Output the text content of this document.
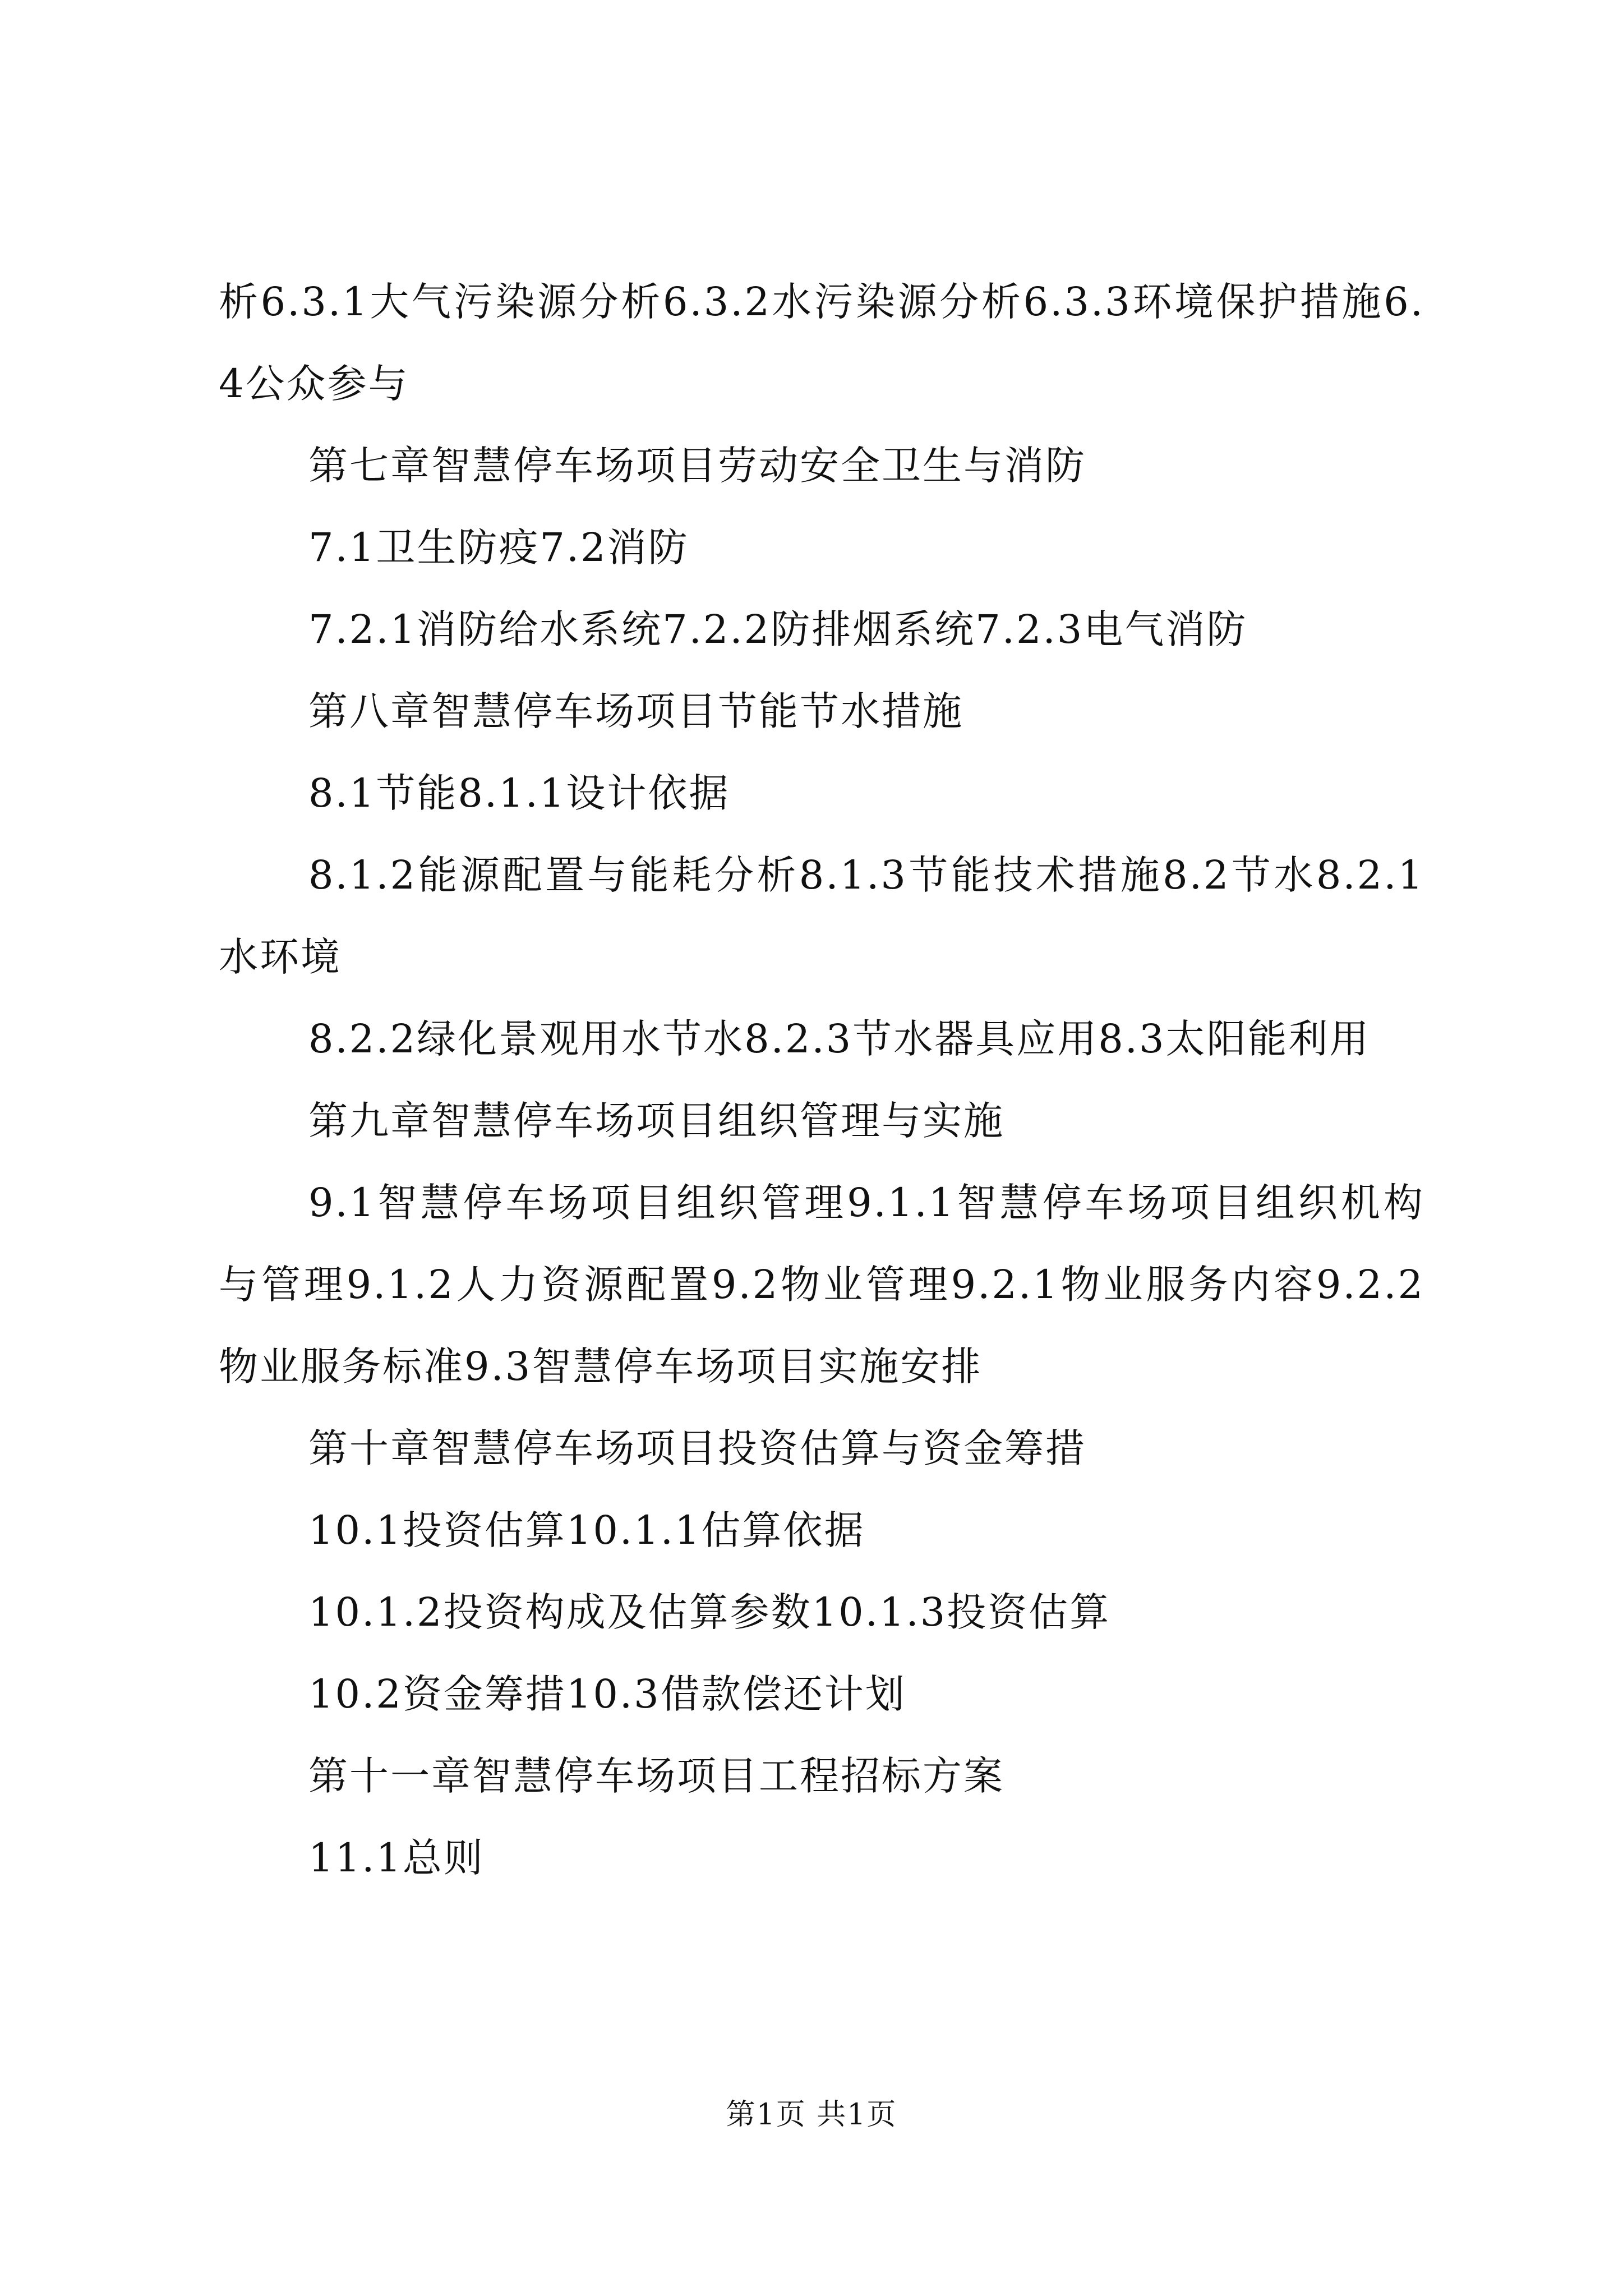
析6.3.1大气污染源分析6.3.2水污染源分析6.3.3环境保护措施6.4公众参与

第七章智慧停车场项目劳动安全卫生与消防

7.1卫生防疫7.2消防

7.2.1消防给水系统7.2.2防排烟系统7.2.3电气消防

第八章智慧停车场项目节能节水措施

8.1节能8.1.1设计依据

8.1.2能源配置与能耗分析8.1.3节能技术措施8.2节水8.2.1水环境

8.2.2绿化景观用水节水8.2.3节水器具应用8.3太阳能利用

第九章智慧停车场项目组织管理与实施

9.1智慧停车场项目组织管理9.1.1智慧停车场项目组织机构与管理9.1.2人力资源配置9.2物业管理9.2.1物业服务内容9.2.2物业服务标准9.3智慧停车场项目实施安排

第十章智慧停车场项目投资估算与资金筹措

10.1投资估算10.1.1估算依据

10.1.2投资构成及估算参数10.1.3投资估算

10.2资金筹措10.3借款偿还计划

第十一章智慧停车场项目工程招标方案

11.1总则

第1页 共1页
